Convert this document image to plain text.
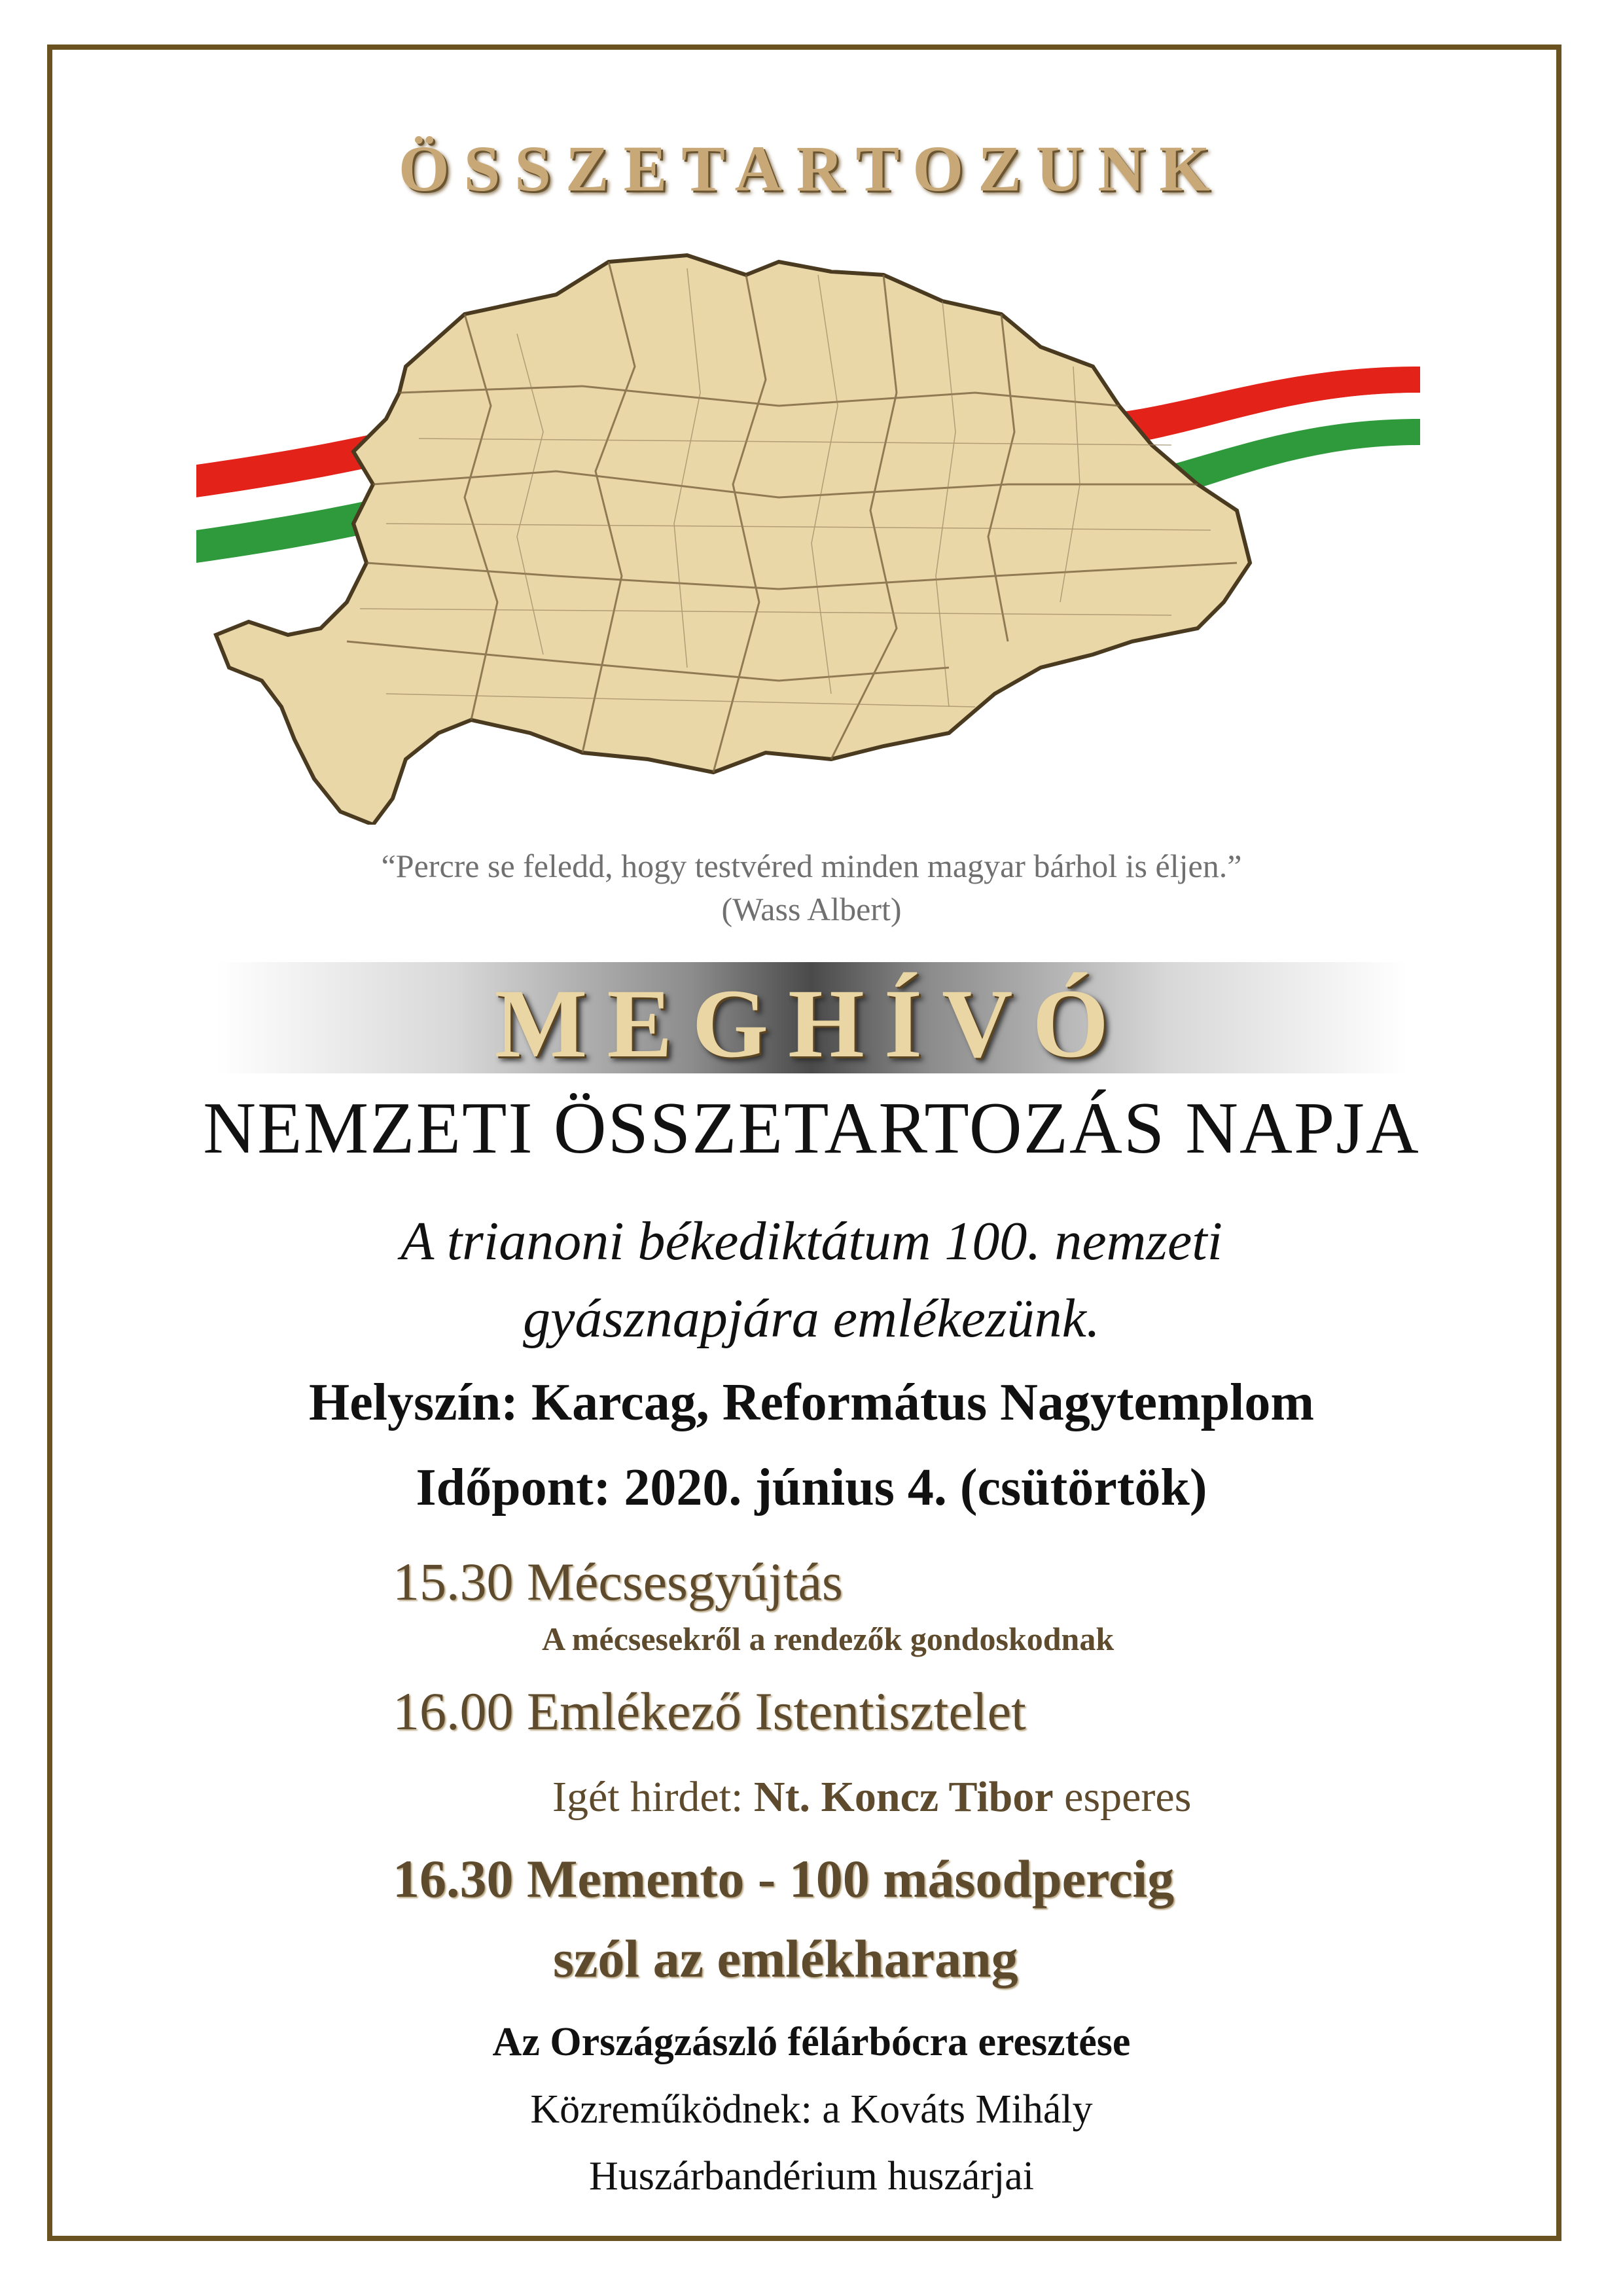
ÖSSZETARTOZUNK
“Percre se feledd, hogy testvéred minden magyar bárhol is éljen.”
(Wass Albert)
MEGHÍVÓ
NEMZETI ÖSSZETARTOZÁS NAPJA
A trianoni békediktátum 100. nemzeti
gyásznapjára emlékezünk.
Helyszín: Karcag, Református Nagytemplom
Időpont: 2020. június 4. (csütörtök)
15.30 Mécsesgyújtás
A mécsesekről a rendezők gondoskodnak
16.00 Emlékező Istentisztelet
Igét hirdet: Nt. Koncz Tibor esperes
16.30 Memento - 100 másodpercig
szól az emlékharang
Az Országzászló félárbócra eresztése
Közreműködnek: a Kováts Mihály
Huszárbandérium huszárjai
